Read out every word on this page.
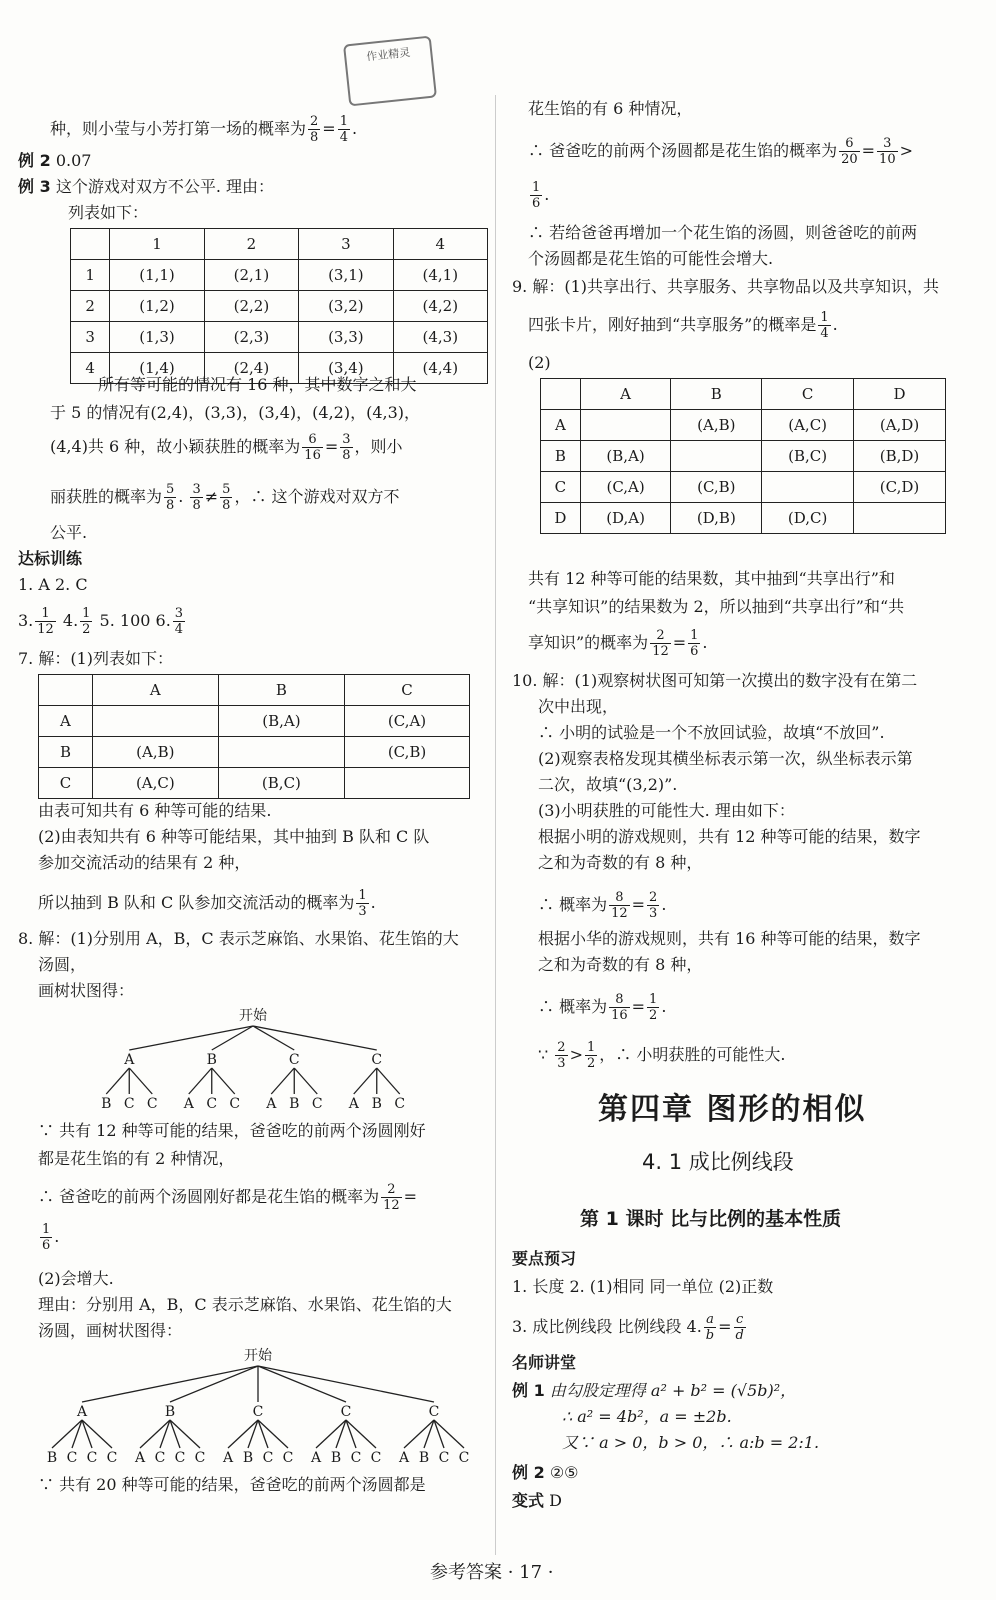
作业精灵
种，则小莹与小芳打第一场的概率为 $\frac{2}{8} = \frac{1}{4}$ .
例 2 0.07
例 3 这个游戏对双方不公平. 理由：
列表如下：
	1	2	3	4
1	(1,1)	(2,1)	(3,1)	(4,1)
2	(1,2)	(2,2)	(3,2)	(4,2)
3	(1,3)	(2,3)	(3,3)	(4,3)
4	(1,4)	(2,4)	(3,4)	(4,4)
所有等可能的情况有 16 种，其中数字之和大
于 5 的情况有(2,4)，(3,3)，(3,4)，(4,2)，(4,3)，
(4,4)共 6 种，故小颖获胜的概率为 $\frac{6}{16} = \frac{3}{8}$ ，则小
丽获胜的概率为 $\frac{5}{8}$ . $\frac{3}{8} \ne \frac{5}{8}$ ，∴ 这个游戏对双方不
公平.
达标训练
1. A 2. C
3. $\frac{1}{12} 4$. $\frac{1}{2} 5$. 100 6. $\frac{3}{4}$
7. 解：(1)列表如下：
	A	B	C
A		(B,A)	(C,A)
B	(A,B)		(C,B)
C	(A,C)	(B,C)	
由表可知共有 6 种等可能的结果.
(2)由表知共有 6 种等可能结果，其中抽到 B 队和 C 队
参加交流活动的结果有 2 种，
所以抽到 B 队和 C 队参加交流活动的概率为 $\frac{1}{3}$ .
8. 解：(1)分别用 A，B，C 表示芝麻馅、水果馅、花生馅的大
汤圆，
画树状图得：
开始
A
B C C
B
A C C
C
A B C
C
A B C
∵ 共有 12 种等可能的结果，爸爸吃的前两个汤圆刚好
都是花生馅的有 2 种情况，
∴ 爸爸吃的前两个汤圆刚好都是花生馅的概率为 $\frac{2}{12}$ =
$\frac{1}{6}$ .
(2)会增大.
理由：分别用 A，B，C 表示芝麻馅、水果馅、花生馅的大
汤圆，画树状图得：
开始
A
B C C C
B
A C C C
C
A B C C
C
A B C C
C
A B C C
∵ 共有 20 种等可能的结果，爸爸吃的前两个汤圆都是
花生馅的有 6 种情况，
∴ 爸爸吃的前两个汤圆都是花生馅的概率为 $\frac{6}{20} = \frac{3}{10}$ >
$\frac{1}{6}$ .
∴ 若给爸爸再增加一个花生馅的汤圆，则爸爸吃的前两
个汤圆都是花生馅的可能性会增大.
9. 解：(1)共享出行、共享服务、共享物品以及共享知识，共
四张卡片，刚好抽到“共享服务”的概率是 $\frac{1}{4}$ .
(2)
	A	B	C	D
A		(A,B)	(A,C)	(A,D)
B	(B,A)		(B,C)	(B,D)
C	(C,A)	(C,B)		(C,D)
D	(D,A)	(D,B)	(D,C)	
共有 12 种等可能的结果数，其中抽到“共享出行”和
“共享知识”的结果数为 2，所以抽到“共享出行”和“共
享知识”的概率为 $\frac{2}{12} = \frac{1}{6}$ .
10. 解：(1)观察树状图可知第一次摸出的数字没有在第二
次中出现，
∴ 小明的试验是一个不放回试验，故填“不放回”.
(2)观察表格发现其横坐标表示第一次，纵坐标表示第
二次，故填“(3,2)”.
(3)小明获胜的可能性大. 理由如下：
根据小明的游戏规则，共有 12 种等可能的结果，数字
之和为奇数的有 8 种，
∴ 概率为 $\frac{8}{12} = \frac{2}{3}$ .
根据小华的游戏规则，共有 16 种等可能的结果，数字
之和为奇数的有 8 种，
∴ 概率为 $\frac{8}{16} = \frac{1}{2}$ .
∵ $\frac{2}{3} > \frac{1}{2}$ ，∴ 小明获胜的可能性大.
第四章 图形的相似
4. 1 成比例线段
第 1 课时 比与比例的基本性质
要点预习
1. 长度 2. (1)相同 同一单位 (2)正数
3. 成比例线段 比例线段 4. $\frac{a}{b} = \frac{c}{d}$
名师讲堂
例 1 由勾股定理得 a² + b² = (√5b)²，
∴ a² = 4b²，a = ±2b.
又∵ a > 0，b > 0，∴ a:b = 2:1.
例 2 ②⑤
变式 D
参考答案 · 17 ·
